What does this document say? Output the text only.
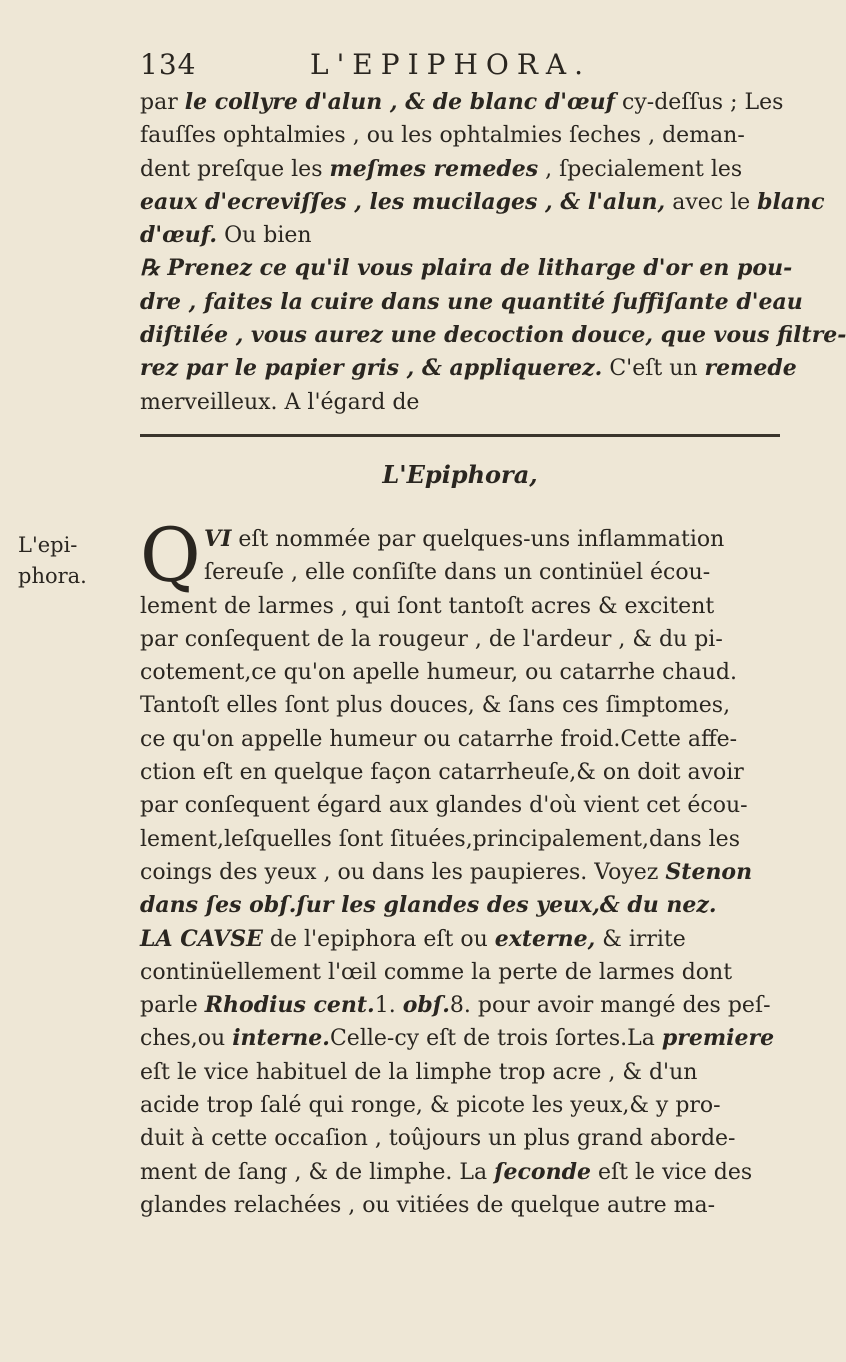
134	L'EPIPHORA.
par le collyre d'alun , & de blanc d'œuf cy-deſſus ; Les
fauſſes ophtalmies , ou les ophtalmies ſeches , deman-
dent preſque les meſmes remedes , ſpecialement les
eaux d'ecreviſſes , les mucilages , & l'alun, avec le blanc
d'œuf. Ou bien
℞ Prenez ce qu'il vous plaira de litharge d'or en pou-
dre , faites la cuire dans une quantité ſuffiſante d'eau
diſtilée , vous aurez une decoction douce, que vous filtre-
rez par le papier gris , & appliquerez. C'eſt un remede
merveilleux. A l'égard de
L'Epiphora,
L'epi-
phora. Q VI eſt nommée par quelques-uns inflammation
ſereuſe , elle conſiſte dans un continüel écou-
lement de larmes , qui ſont tantoſt acres & excitent
par conſequent de la rougeur , de l'ardeur , & du pi-
cotement,ce qu'on apelle humeur, ou catarrhe chaud.
Tantoſt elles ſont plus douces, & ſans ces ſimptomes,
ce qu'on appelle humeur ou catarrhe froid.Cette affe-
ction eſt en quelque façon catarrheuſe,& on doit avoir
par conſequent égard aux glandes d'où vient cet écou-
lement,leſquelles ſont ſituées,principalement,dans les
coings des yeux , ou dans les paupieres. Voyez Stenon
dans ſes obſ.ſur les glandes des yeux,& du nez.
LA CAVSE de l'epiphora eſt ou externe, & irrite
continüellement l'œil comme la perte de larmes dont
parle Rhodius cent.1. obſ.8. pour avoir mangé des peſ-
ches,ou interne.Celle-cy eſt de trois ſortes.La premiere
eſt le vice habituel de la limphe trop acre , & d'un
acide trop ſalé qui ronge, & picote les yeux,& y pro-
duit à cette occaſion , toûjours un plus grand aborde-
ment de ſang , & de limphe. La ſeconde eſt le vice des
glandes relachées , ou vitiées de quelque autre ma-
